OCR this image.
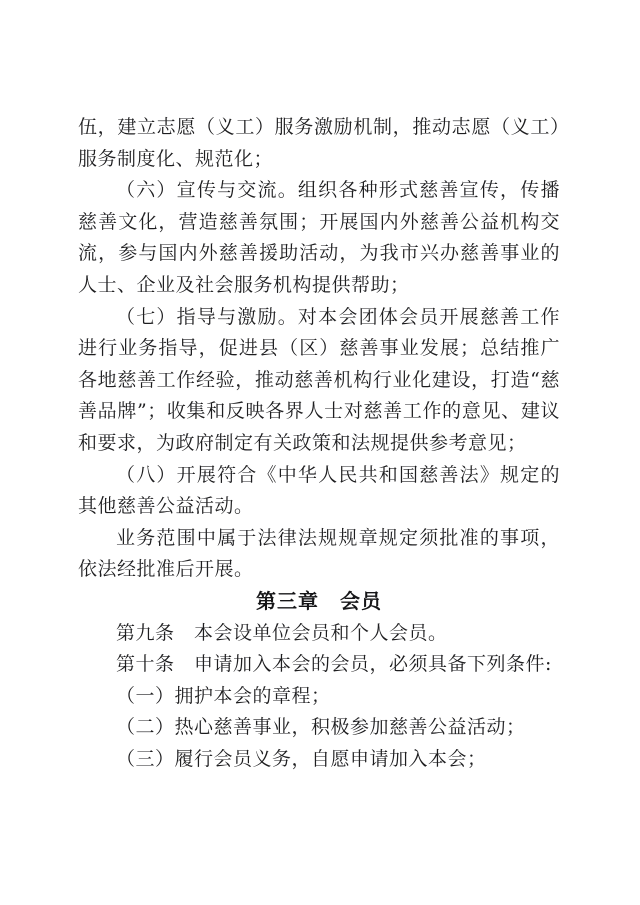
伍，建立志愿（义工）服务激励机制，推动志愿（义工）服务制度化、规范化；

（六）宣传与交流。组织各种形式慈善宣传，传播慈善文化，营造慈善氛围；开展国内外慈善公益机构交流，参与国内外慈善援助活动，为我市兴办慈善事业的人士、企业及社会服务机构提供帮助；

（七）指导与激励。对本会团体会员开展慈善工作进行业务指导，促进县（区）慈善事业发展；总结推广各地慈善工作经验，推动慈善机构行业化建设，打造“慈善品牌”；收集和反映各界人士对慈善工作的意见、建议和要求，为政府制定有关政策和法规提供参考意见；

（八）开展符合《中华人民共和国慈善法》规定的其他慈善公益活动。

业务范围中属于法律法规规章规定须批准的事项，依法经批准后开展。

第三章　会员

第九条　本会设单位会员和个人会员。

第十条　申请加入本会的会员，必须具备下列条件:

（一）拥护本会的章程；

（二）热心慈善事业，积极参加慈善公益活动；

（三）履行会员义务，自愿申请加入本会；
